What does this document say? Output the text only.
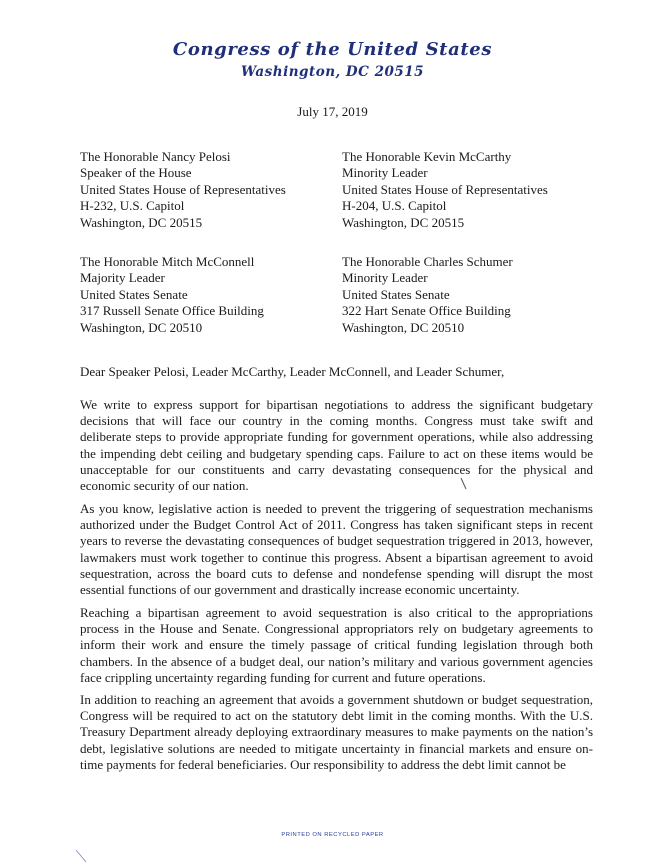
Congress of the United States
Washington, DC 20515
July 17, 2019
The Honorable Nancy Pelosi
Speaker of the House
United States House of Representatives
H-232, U.S. Capitol
Washington, DC 20515
The Honorable Kevin McCarthy
Minority Leader
United States House of Representatives
H-204, U.S. Capitol
Washington, DC 20515
The Honorable Mitch McConnell
Majority Leader
United States Senate
317 Russell Senate Office Building
Washington, DC 20510
The Honorable Charles Schumer
Minority Leader
United States Senate
322 Hart Senate Office Building
Washington, DC 20510
Dear Speaker Pelosi, Leader McCarthy, Leader McConnell, and Leader Schumer,
We write to express support for bipartisan negotiations to address the significant budgetary decisions that will face our country in the coming months. Congress must take swift and deliberate steps to provide appropriate funding for government operations, while also addressing the impending debt ceiling and budgetary spending caps. Failure to act on these items would be unacceptable for our constituents and carry devastating consequences for the physical and economic security of our nation.
As you know, legislative action is needed to prevent the triggering of sequestration mechanisms authorized under the Budget Control Act of 2011. Congress has taken significant steps in recent years to reverse the devastating consequences of budget sequestration triggered in 2013, however, lawmakers must work together to continue this progress. Absent a bipartisan agreement to avoid sequestration, across the board cuts to defense and nondefense spending will disrupt the most essential functions of our government and drastically increase economic uncertainty.
Reaching a bipartisan agreement to avoid sequestration is also critical to the appropriations process in the House and Senate. Congressional appropriators rely on budgetary agreements to inform their work and ensure the timely passage of critical funding legislation through both chambers. In the absence of a budget deal, our nation’s military and various government agencies face crippling uncertainty regarding funding for current and future operations.
In addition to reaching an agreement that avoids a government shutdown or budget sequestration, Congress will be required to act on the statutory debt limit in the coming months. With the U.S. Treasury Department already deploying extraordinary measures to make payments on the nation’s debt, legislative solutions are needed to mitigate uncertainty in financial markets and ensure on-time payments for federal beneficiaries. Our responsibility to address the debt limit cannot be
PRINTED ON RECYCLED PAPER
